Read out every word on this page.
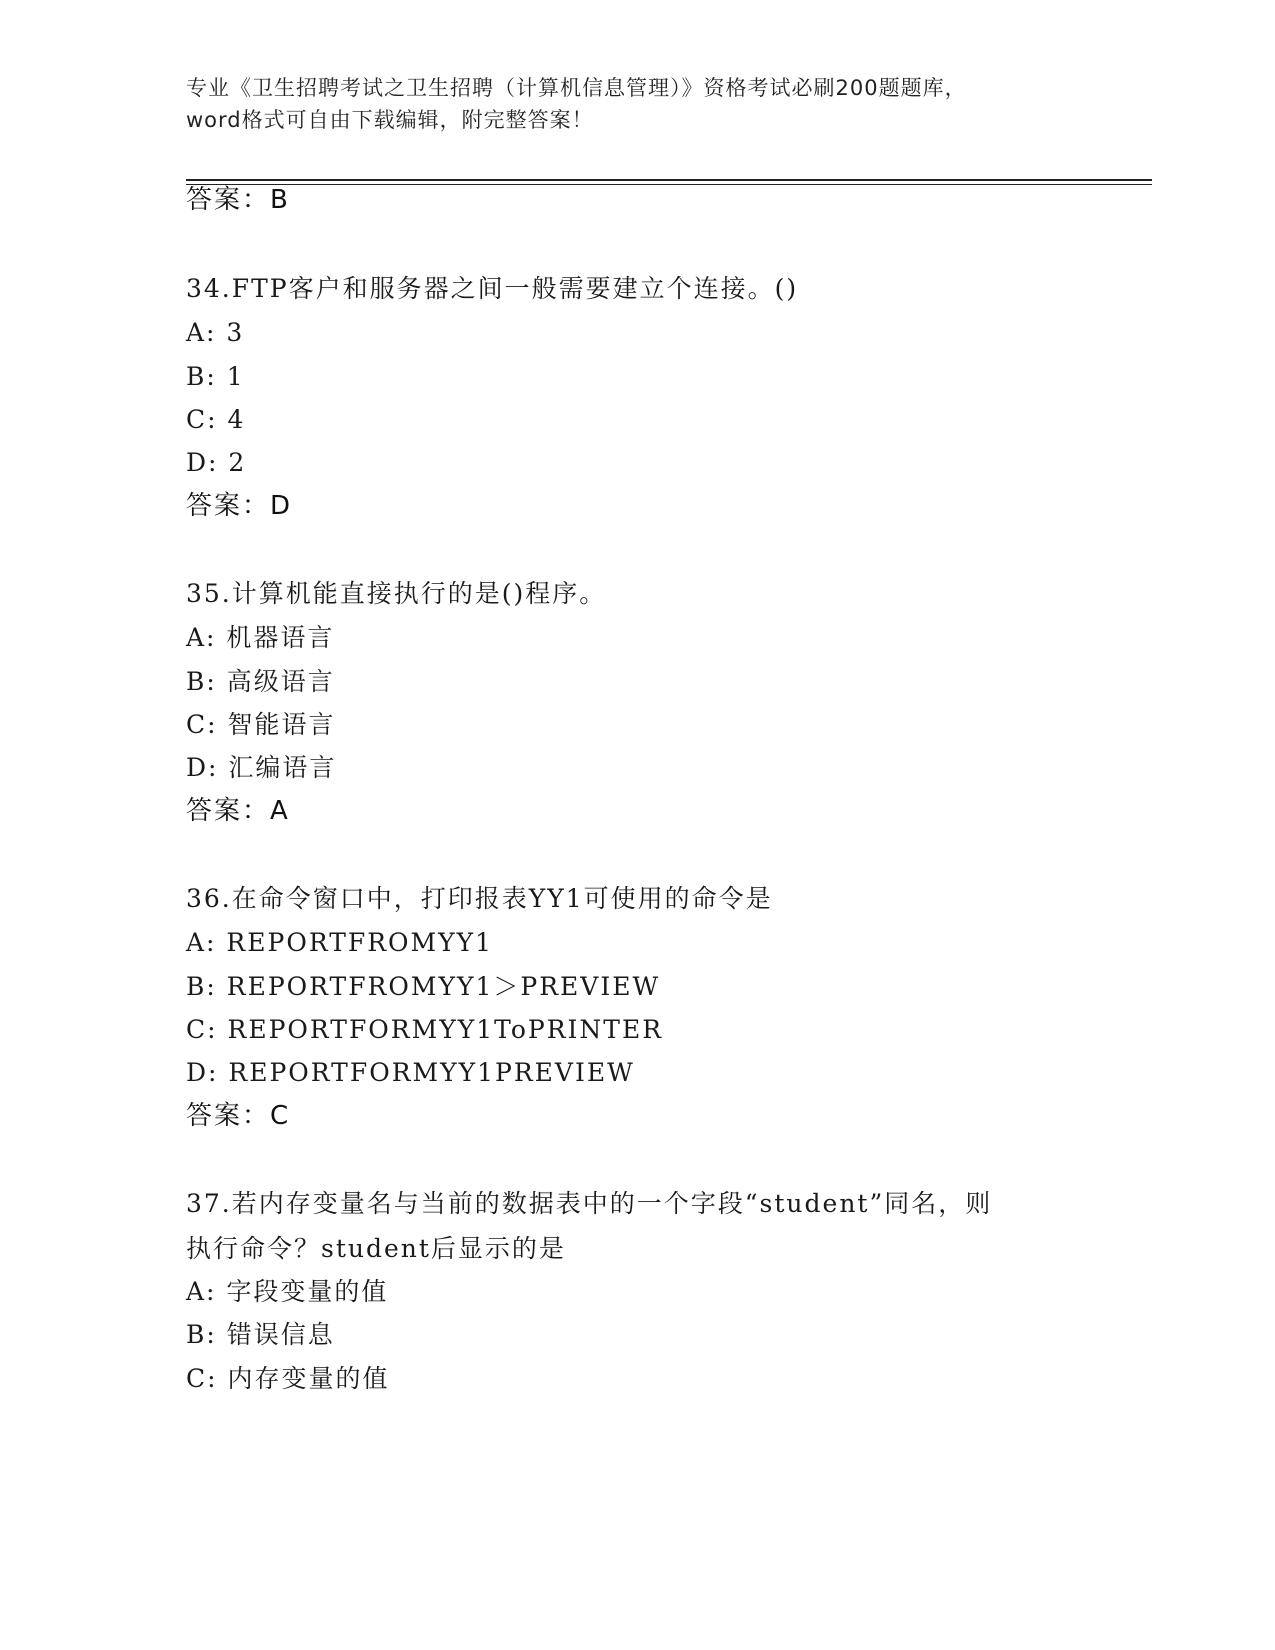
专业《卫生招聘考试之卫生招聘（计算机信息管理）》资格考试必刷200题题库，
word格式可自由下载编辑，附完整答案！
答案：B
34.FTP客户和服务器之间一般需要建立个连接。()
A: 3
B: 1
C: 4
D: 2
答案：D
35.计算机能直接执行的是()程序。
A: 机器语言
B: 高级语言
C: 智能语言
D: 汇编语言
答案：A
36.在命令窗口中，打印报表YY1可使用的命令是
A: REPORTFROMYY1
B: REPORTFROMYY1＞PREVIEW
C: REPORTFORMYY1ToPRINTER
D: REPORTFORMYY1PREVIEW
答案：C
37.若内存变量名与当前的数据表中的一个字段“student”同名，则
执行命令？student后显示的是
A: 字段变量的值
B: 错误信息
C: 内存变量的值
